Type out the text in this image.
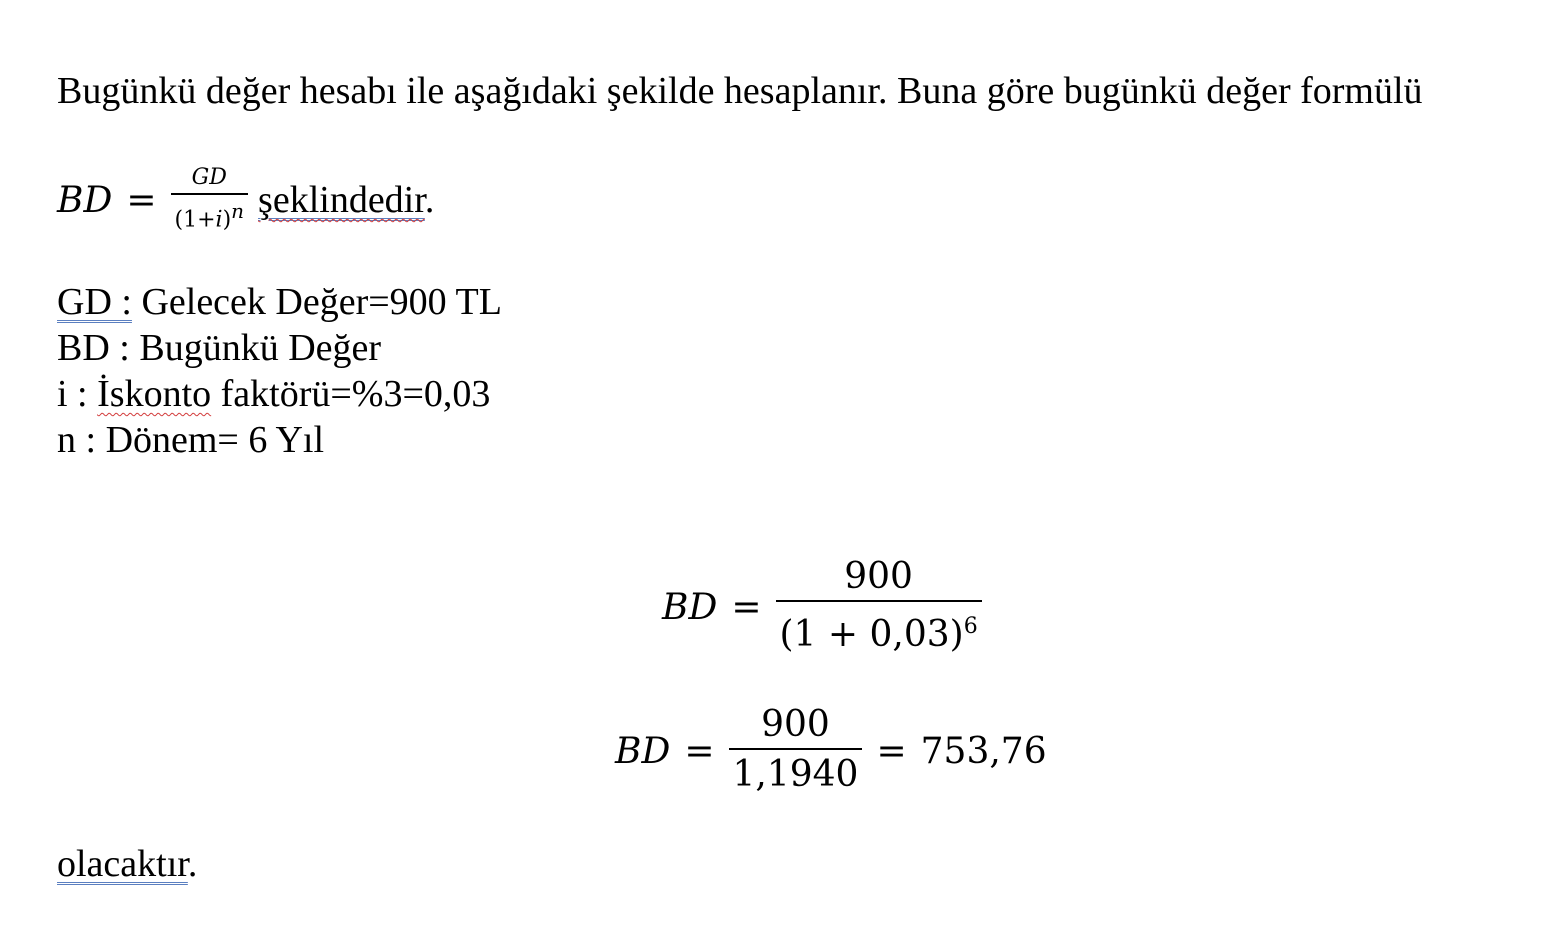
Bugünkü değer hesabı ile aşağıdaki şekilde hesaplanır. Buna göre bugünkü değer formülü
BD = $\frac{GD}{(1+i)^n}$ şeklindedir.
GD : Gelecek Değer=900 TL
BD : Bugünkü Değer
i : İskonto faktörü=%3=0,03
n : Dönem= 6 Yıl
BD = $\frac{900}{(1 + 0,03)^6}$
BD = $\frac{900}{1,1940} = 753,76$
olacaktır.
